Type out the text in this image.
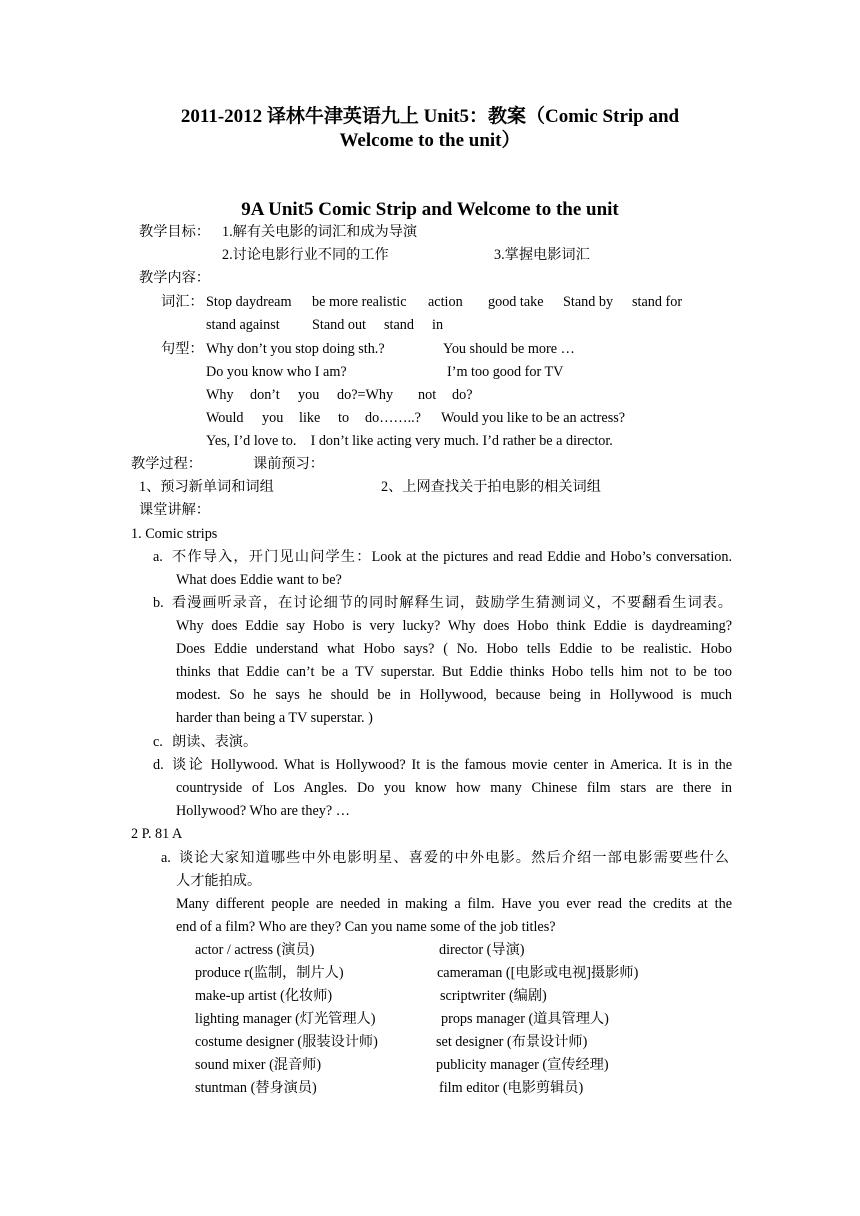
2011-2012 译林牛津英语九上 Unit5：教案（Comic Strip and
Welcome to the unit）
9A Unit5 Comic Strip and Welcome to the unit
教学目标： 1.解有关电影的词汇和成为导演
2.讨论电影行业不同的工作	3.掌握电影词汇
教学内容：
词汇： Stop daydream be more realistic action good take Stand by stand for
stand against Stand out stand in
句型： Why don’t you stop doing sth.?	You should be more …
Do you know who I am?	I’m too good for TV
Why don’t you do?=Why not do?
Would you like to do……..? Would you like to be an actress?
Yes, I’d love to.    I don’t like acting very much. I’d rather be a director.
教学过程：	课前预习：
1、预习新单词和词组	2、上网查找关于拍电影的相关词组
课堂讲解：
1. Comic strips
a. 不作导入，开门见山问学生：Look at the pictures and read Eddie and Hobo’s conversation.
What does Eddie want to be?
b. 看漫画听录音，在讨论细节的同时解释生词，鼓励学生猜测词义，不要翻看生词表。
Why does Eddie say Hobo is very lucky? Why does Hobo think Eddie is daydreaming?
Does Eddie understand what Hobo says? ( No. Hobo tells Eddie to be realistic. Hobo
thinks that Eddie can’t be a TV superstar. But Eddie thinks Hobo tells him not to be too
modest. So he says he should be in Hollywood, because being in Hollywood is much
harder than being a TV superstar. )
c. 朗读、表演。
d. 谈论 Hollywood. What is Hollywood? It is the famous movie center in America. It is in the
countryside of Los Angles. Do you know how many Chinese film stars are there in
Hollywood? Who are they? …
2 P. 81 A
a. 谈论大家知道哪些中外电影明星、喜爱的中外电影。然后介绍一部电影需要些什么
人才能拍成。
Many different people are needed in making a film. Have you ever read the credits at the
end of a film? Who are they? Can you name some of the job titles?
actor / actress (演员)	director (导演)
produce r(监制，制片人)	cameraman ([电影或电视]摄影师)
make-up artist (化妆师)	scriptwriter (编剧)
lighting manager (灯光管理人)	props manager (道具管理人)
costume designer (服装设计师)	set designer (布景设计师)
sound mixer (混音师)	publicity manager (宣传经理)
stuntman (替身演员)	film editor (电影剪辑员)
